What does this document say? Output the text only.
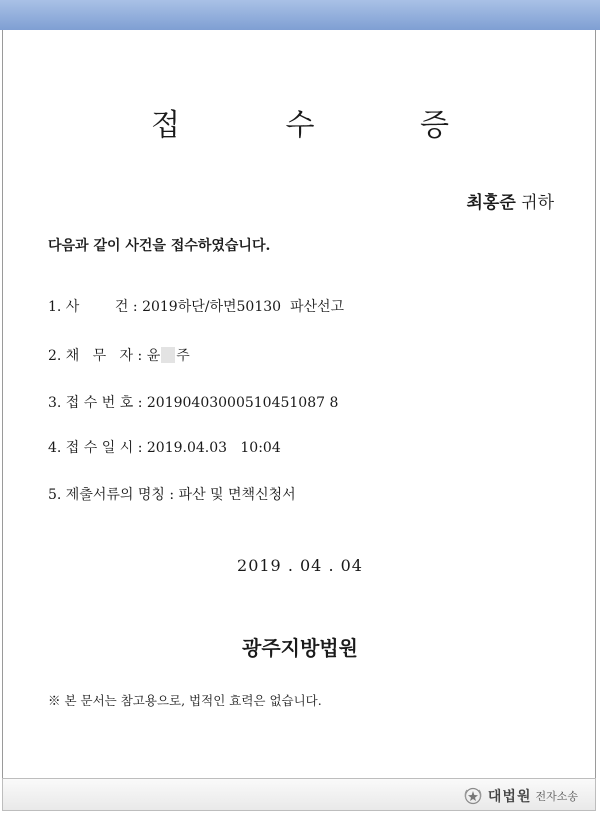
접 수 증
최홍준 귀하
다음과 같이 사건을 접수하였습니다.
1. 사        건 : 2019하단/하면50130  파산선고
2. 채   무   자 : 윤 주
3. 접 수 번 호 : 20190403000510451087 8
4. 접 수 일 시 : 2019.04.03   10:04
5. 제출서류의 명칭 : 파산 및 면책신청서
2019 . 04 . 04
광주지방법원
※ 본 문서는 참고용으로, 법적인 효력은 없습니다.
대법원 전자소송
